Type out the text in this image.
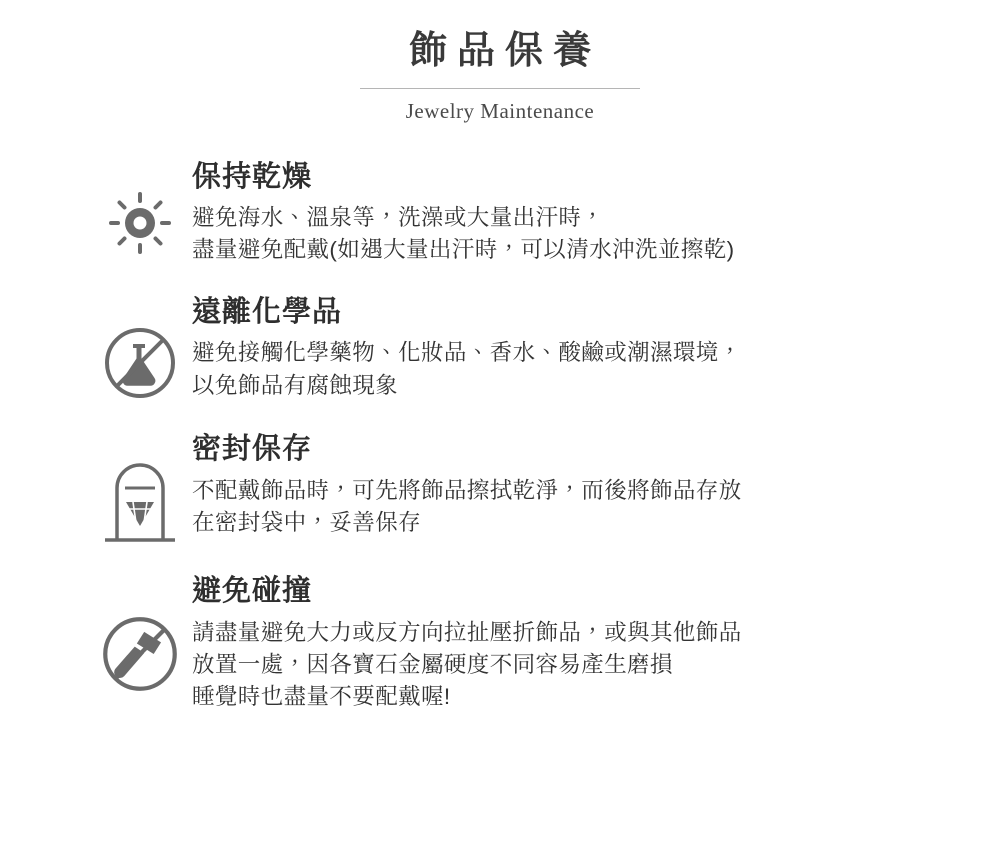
飾品保養
Jewelry Maintenance
保持乾燥
避免海水、溫泉等，洗澡或大量出汗時，
盡量避免配戴(如遇大量出汗時，可以清水沖洗並擦乾)
遠離化學品
避免接觸化學藥物、化妝品、香水、酸鹼或潮濕環境，
以免飾品有腐蝕現象
密封保存
不配戴飾品時，可先將飾品擦拭乾淨，而後將飾品存放
在密封袋中，妥善保存
避免碰撞
請盡量避免大力或反方向拉扯壓折飾品，或與其他飾品
放置一處，因各寶石金屬硬度不同容易產生磨損
睡覺時也盡量不要配戴喔!
